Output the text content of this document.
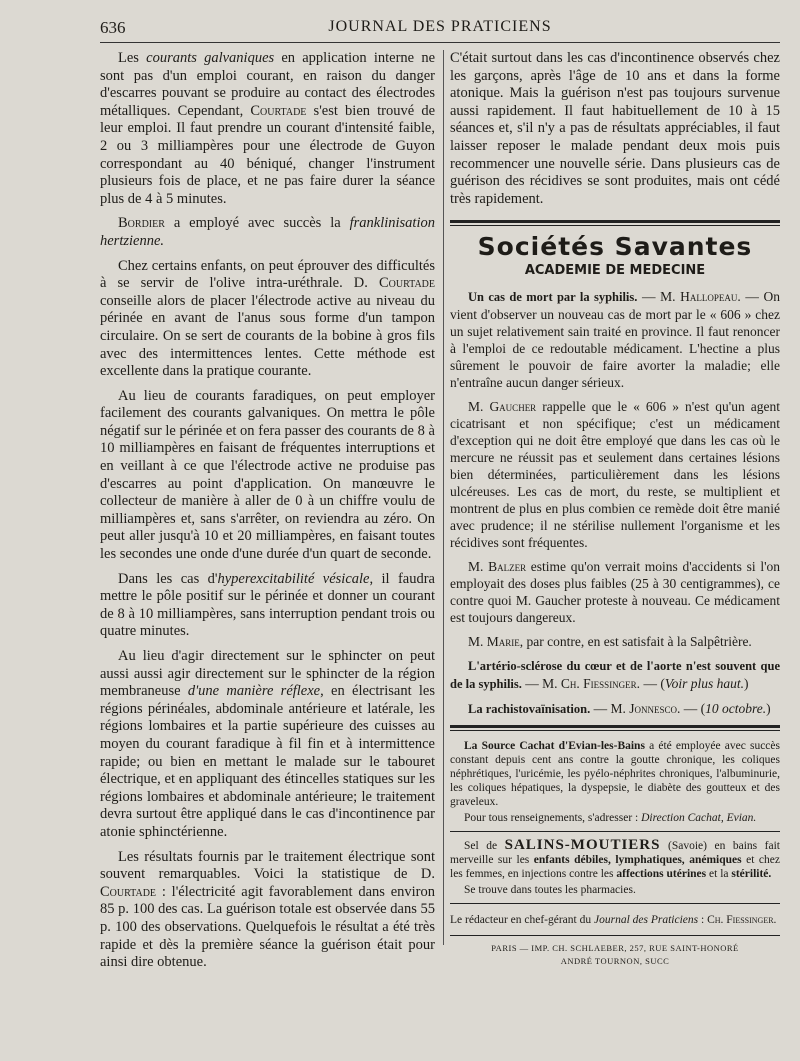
636	JOURNAL DES PRATICIENS

Les courants galvaniques en application interne ne sont pas d'un emploi courant, en raison du danger d'escarres pouvant se produire au contact des électrodes métalliques. Cependant, Courtade s'est bien trouvé de leur emploi. Il faut prendre un courant d'intensité faible, 2 ou 3 milliampères pour une électrode de Guyon correspondant au 40 béniqué, changer l'instrument plusieurs fois de place, et ne pas faire durer la séance plus de 4 à 5 minutes.

Bordier a employé avec succès la franklinisation hertzienne.

Chez certains enfants, on peut éprouver des difficultés à se servir de l'olive intra-uréthrale. D. Courtade conseille alors de placer l'électrode active au niveau du périnée en avant de l'anus sous forme d'un tampon circulaire. On se sert de courants de la bobine à gros fils avec des intermittences lentes. Cette méthode est excellente dans la pratique courante.

Au lieu de courants faradiques, on peut employer facilement des courants galvaniques. On mettra le pôle négatif sur le périnée et on fera passer des courants de 8 à 10 milliampères en faisant de fréquentes interruptions et en veillant à ce que l'électrode active ne produise pas d'escarres au point d'application. On manœuvre le collecteur de manière à aller de 0 à un chiffre voulu de milliampères et, sans s'arrêter, on reviendra au zéro. On peut aller jusqu'à 10 et 20 milliampères, en faisant toutes les secondes une onde d'une durée d'un quart de seconde.

Dans les cas d'hyperexcitabilité vésicale, il faudra mettre le pôle positif sur le périnée et donner un courant de 8 à 10 milliampères, sans interruption pendant trois ou quatre minutes.

Au lieu d'agir directement sur le sphincter on peut aussi aussi agir directement sur le sphincter de la région membraneuse d'une manière réflexe, en électrisant les régions périnéales, abdominale antérieure et latérale, les régions lombaires et la partie supérieure des cuisses au moyen du courant faradique à fil fin et à intermittence rapide; ou bien en mettant le malade sur le tabouret électrique, et en appliquant des étincelles statiques sur les régions lombaires et abdominale antérieure; le traitement devra surtout être appliqué dans le cas d'incontinence par atonie sphinctérienne.

Les résultats fournis par le traitement électrique sont souvent remarquables. Voici la statistique de D. Courtade : l'électricité agit favorablement dans environ 85 p. 100 des cas. La guérison totale est observée dans 55 p. 100 des observations. Quelquefois le résultat a été très rapide et dès la première séance la guérison était pour ainsi dire obtenue.

C'était surtout dans les cas d'incontinence observés chez les garçons, après l'âge de 10 ans et dans la forme atonique. Mais la guérison n'est pas toujours survenue aussi rapidement. Il faut habituellement de 10 à 15 séances et, s'il n'y a pas de résultats appréciables, il faut laisser reposer le malade pendant deux mois puis recommencer une nouvelle série. Dans plusieurs cas de guérison des récidives se sont produites, mais ont cédé très rapidement.

Sociétés Savantes
ACADEMIE DE MEDECINE

Un cas de mort par la syphilis. — M. Hallopeau. — On vient d'observer un nouveau cas de mort par le « 606 » chez un sujet relativement sain traité en province. Il faut renoncer à l'emploi de ce redoutable médicament. L'hectine a plus sûrement le pouvoir de faire avorter la maladie; elle n'entraîne aucun danger sérieux.

M. Gaucher rappelle que le « 606 » n'est qu'un agent cicatrisant et non spécifique; c'est un médicament d'exception qui ne doit être employé que dans les cas où le mercure ne réussit pas et seulement dans certaines lésions bien déterminées, particulièrement dans les lésions ulcéreuses. Les cas de mort, du reste, se multiplient et montrent de plus en plus combien ce remède doit être manié avec prudence; il ne stérilise nullement l'organisme et les récidives sont fréquentes.

M. Balzer estime qu'on verrait moins d'accidents si l'on employait des doses plus faibles (25 à 30 centigrammes), ce contre quoi M. Gaucher proteste à nouveau. Ce médicament est toujours dangereux.

M. Marie, par contre, en est satisfait à la Salpêtrière.

L'artério-sclérose du cœur et de l'aorte n'est souvent que de la syphilis. — M. Ch. Fiessinger. — (Voir plus haut.)

La rachistovaïnisation. — M. Jonnesco. — (10 octobre.)

La Source Cachat d'Evian-les-Bains a été employée avec succès constant depuis cent ans contre la goutte chronique, les coliques néphrétiques, l'uricémie, les pyélo-néphrites chroniques, l'albuminurie, les coliques hépatiques, la dyspepsie, le diabète des goutteux et des graveleux.

Pour tous renseignements, s'adresser : Direction Cachat, Evian.

Sel de SALINS-MOUTIERS (Savoie) en bains fait merveille sur les enfants débiles, lymphatiques, anémiques et chez les femmes, en injections contre les affections utérines et la stérilité.

Se trouve dans toutes les pharmacies.

Le rédacteur en chef-gérant du Journal des Praticiens : Ch. Fiessinger.
PARIS — IMP. CH. SCHLAEBER, 257, RUE SAINT-HONORÉ
ANDRÉ TOURNON, SUCC
